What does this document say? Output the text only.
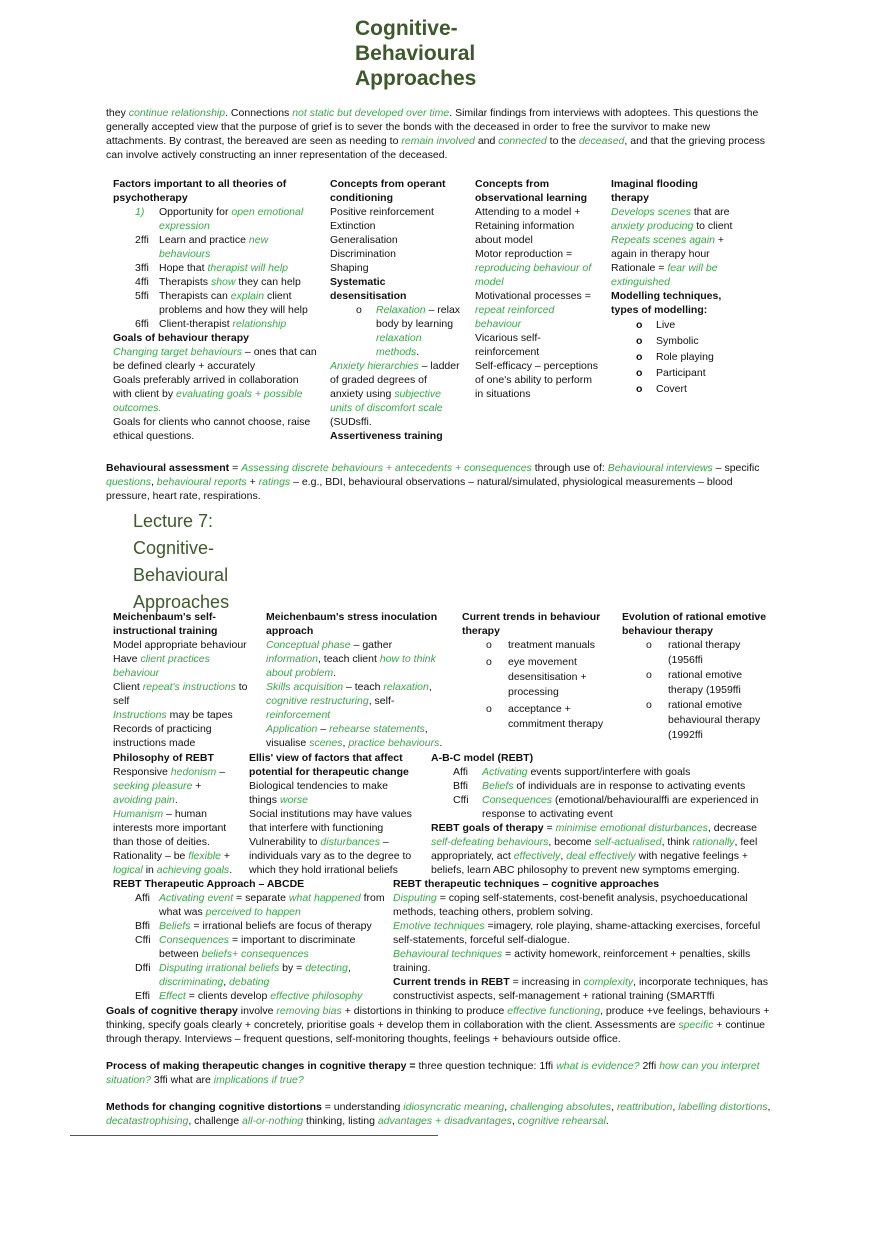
Cognitive-
Behavioural
Approaches
they continue relationship. Connections not static but developed over time. Similar findings from interviews with adoptees. This questions the generally accepted view that the purpose of grief is to sever the bonds with the deceased in order to free the survivor to make new attachments. By contrast, the bereaved are seen as needing to remain involved and connected to the deceased, and that the grieving process can involve actively constructing an inner representation of the deceased.
Factors important to all theories of psychotherapy
1) Opportunity for open emotional expression
2ffi Learn and practice new behaviours
3ffi Hope that therapist will help
4ffi Therapists show they can help
5ffi Therapists can explain client problems and how they will help
6ffi Client-therapist relationship
Goals of behaviour therapy
Changing target behaviours – ones that can be defined clearly + accurately
Goals preferably arrived in collaboration with client by evaluating goals + possible outcomes.
Goals for clients who cannot choose, raise ethical questions.
Concepts from operant conditioning
Positive reinforcement
Extinction
Generalisation
Discrimination
Shaping
Systematic desensitisation
o Relaxation – relax body by learning relaxation methods.
Anxiety hierarchies – ladder of graded degrees of anxiety using subjective units of discomfort scale (SUDsffi.
Assertiveness training
Concepts from observational learning
Attending to a model + Retaining information about model
Motor reproduction = reproducing behaviour of model
Motivational processes = repeat reinforced behaviour
Vicarious self-reinforcement
Self-efficacy – perceptions of one's ability to perform in situations
Imaginal flooding therapy
Develops scenes that are anxiety producing to client
Repeats scenes again + again in therapy hour
Rationale = fear will be extinguished
Modelling techniques, types of modelling:
o Live
o Symbolic
o Role playing
o Participant
o Covert
Behavioural assessment = Assessing discrete behaviours + antecedents + consequences through use of: Behavioural interviews – specific questions, behavioural reports + ratings – e.g., BDI, behavioural observations – natural/simulated, physiological measurements – blood pressure, heart rate, respirations.
Lecture 7:
Cognitive-
Behavioural
Approaches
Meichenbaum's self-instructional training
Model appropriate behaviour
Have client practices behaviour
Client repeat's instructions to self
Instructions may be tapes
Records of practicing instructions made
Meichenbaum's stress inoculation approach
Conceptual phase – gather information, teach client how to think about problem.
Skills acquisition – teach relaxation, cognitive restructuring, self-reinforcement
Application – rehearse statements, visualise scenes, practice behaviours.
Current trends in behaviour therapy
o treatment manuals
o eye movement desensitisation + processing
o acceptance + commitment therapy
Evolution of rational emotive behaviour therapy
o rational therapy (1956ffi
o rational emotive therapy (1959ffi
o rational emotive behavioural therapy (1992ffi
Philosophy of REBT
Responsive hedonism – seeking pleasure + avoiding pain.
Humanism – human interests more important than those of deities.
Rationality – be flexible + logical in achieving goals.
Ellis' view of factors that affect potential for therapeutic change
Biological tendencies to make things worse
Social institutions may have values that interfere with functioning
Vulnerability to disturbances – individuals vary as to the degree to which they hold irrational beliefs
A-B-C model (REBT)
Affi Activating events support/interfere with goals
Bffi Beliefs of individuals are in response to activating events
Cffi Consequences (emotional/behaviouralffi are experienced in response to activating event
REBT goals of therapy = minimise emotional disturbances, decrease self-defeating behaviours, become self-actualised, think rationally, feel appropriately, act effectively, deal effectively with negative feelings + beliefs, learn ABC philosophy to prevent new symptoms emerging.
REBT Therapeutic Approach – ABCDE
Affi Activating event = separate what happened from what was perceived to happen
Bffi Beliefs = irrational beliefs are focus of therapy
Cffi Consequences = important to discriminate between beliefs+ consequences
Dffi Disputing irrational beliefs by = detecting, discriminating, debating
Effi Effect = clients develop effective philosophy
REBT therapeutic techniques – cognitive approaches
Disputing = coping self-statements, cost-benefit analysis, psychoeducational methods, teaching others, problem solving.
Emotive techniques =imagery, role playing, shame-attacking exercises, forceful self-statements, forceful self-dialogue.
Behavioural techniques = activity homework, reinforcement + penalties, skills training.
Current trends in REBT = increasing in complexity, incorporate techniques, has constructivist aspects, self-management + rational training (SMARTffi
Goals of cognitive therapy involve removing bias + distortions in thinking to produce effective functioning, produce +ve feelings, behaviours + thinking, specify goals clearly + concretely, prioritise goals + develop them in collaboration with the client. Assessments are specific + continue through therapy. Interviews – frequent questions, self-monitoring thoughts, feelings + behaviours outside office.
Process of making therapeutic changes in cognitive therapy = three question technique: 1ffi what is evidence? 2ffi how can you interpret situation? 3ffi what are implications if true?
Methods for changing cognitive distortions = understanding idiosyncratic meaning, challenging absolutes, reattribution, labelling distortions, decatastrophising, challenge all-or-nothing thinking, listing advantages + disadvantages, cognitive rehearsal.
